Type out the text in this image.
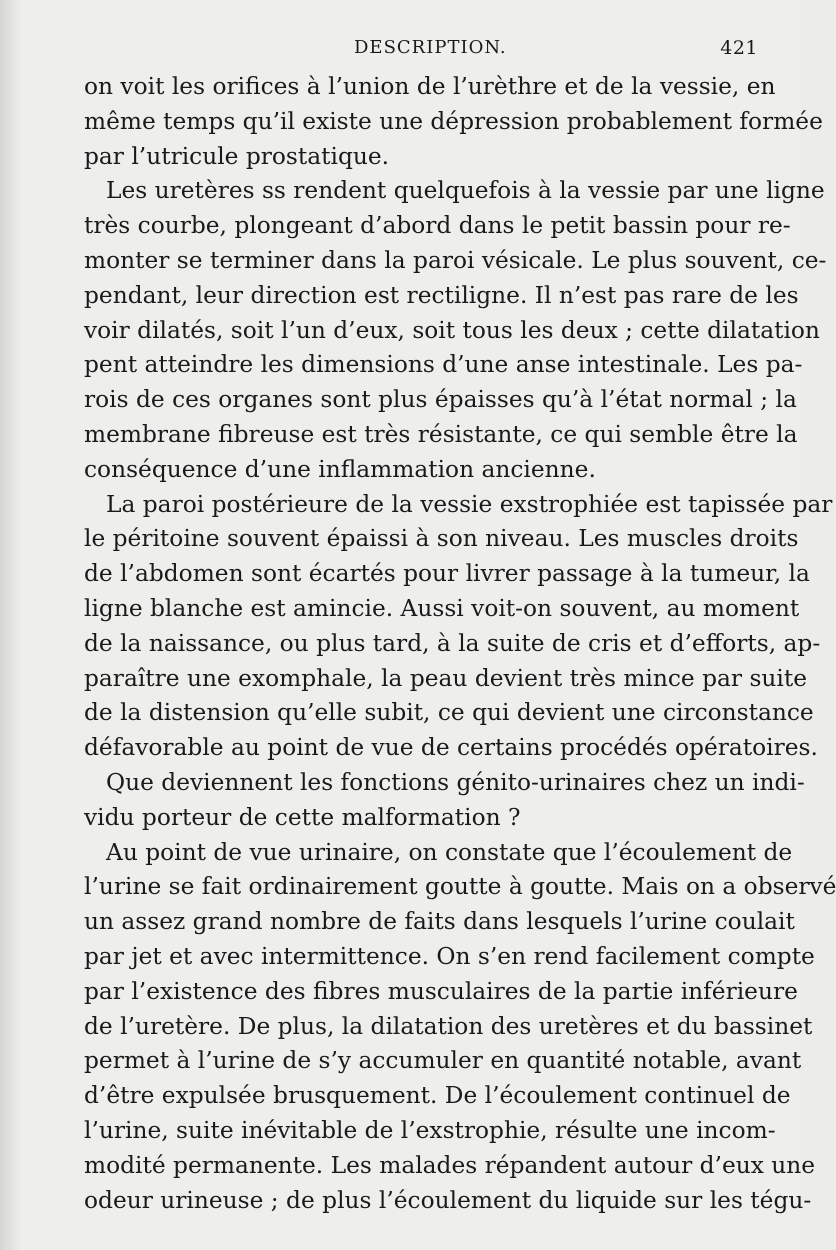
DESCRIPTION.	421

on voit les orifices à l’union de l’urèthre et de la vessie, en
même temps qu’il existe une dépression probablement formée
par l’utricule prostatique.

Les uretères ss rendent quelquefois à la vessie par une ligne
très courbe, plongeant d’abord dans le petit bassin pour re-
monter se terminer dans la paroi vésicale. Le plus souvent, ce-
pendant, leur direction est rectiligne. Il n’est pas rare de les
voir dilatés, soit l’un d’eux, soit tous les deux ; cette dilatation
pent atteindre les dimensions d’une anse intestinale. Les pa-
rois de ces organes sont plus épaisses qu’à l’état normal ; la
membrane fibreuse est très résistante, ce qui semble être la
conséquence d’une inflammation ancienne.

La paroi postérieure de la vessie exstrophiée est tapissée par
le péritoine souvent épaissi à son niveau. Les muscles droits
de l’abdomen sont écartés pour livrer passage à la tumeur, la
ligne blanche est amincie. Aussi voit-on souvent, au moment
de la naissance, ou plus tard, à la suite de cris et d’efforts, ap-
paraître une exomphale, la peau devient très mince par suite
de la distension qu’elle subit, ce qui devient une circonstance
défavorable au point de vue de certains procédés opératoires.

Que deviennent les fonctions génito-urinaires chez un indi-
vidu porteur de cette malformation ?

Au point de vue urinaire, on constate que l’écoulement de
l’urine se fait ordinairement goutte à goutte. Mais on a observé
un assez grand nombre de faits dans lesquels l’urine coulait
par jet et avec intermittence. On s’en rend facilement compte
par l’existence des fibres musculaires de la partie inférieure
de l’uretère. De plus, la dilatation des uretères et du bassinet
permet à l’urine de s’y accumuler en quantité notable, avant
d’être expulsée brusquement. De l’écoulement continuel de
l’urine, suite inévitable de l’exstrophie, résulte une incom-
modité permanente. Les malades répandent autour d’eux une
odeur urineuse ; de plus l’écoulement du liquide sur les tégu-
